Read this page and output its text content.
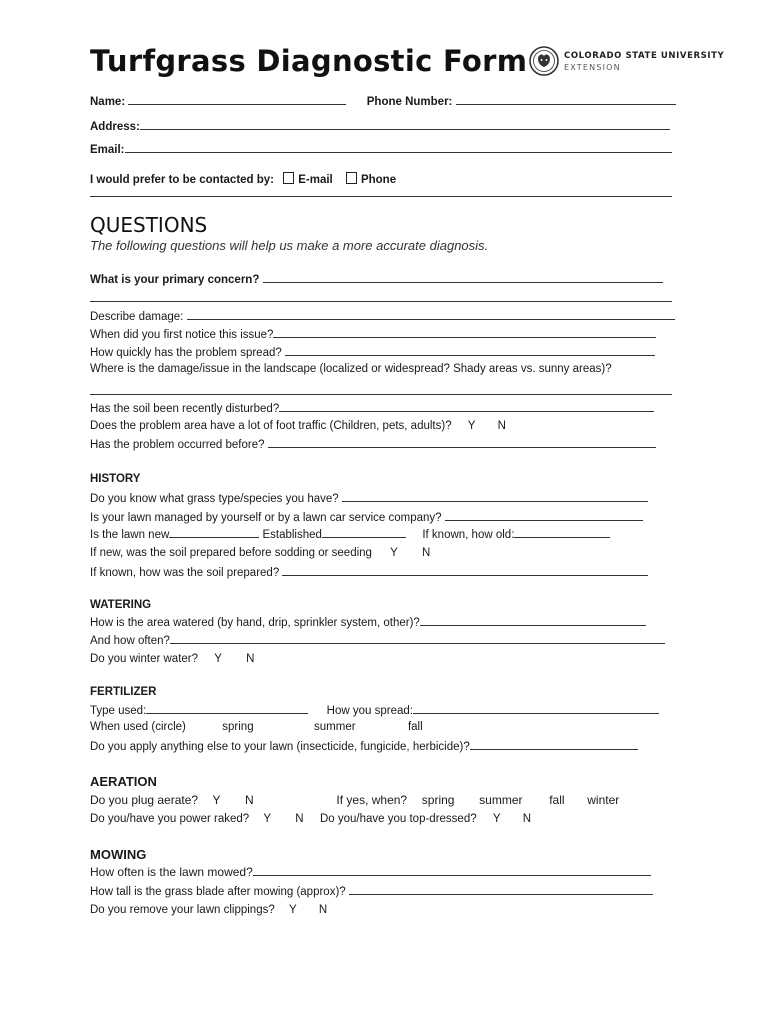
Turfgrass Diagnostic Form	COLORADO STATE UNIVERSITY
EXTENSION
Name:	Phone Number:
Address:
Email:
I would prefer to be contacted by: E-mail Phone
QUESTIONS
The following questions will help us make a more accurate diagnosis.
What is your primary concern?
Describe damage:
When did you first notice this issue?
How quickly has the problem spread?
Where is the damage/issue in the landscape (localized or widespread? Shady areas vs. sunny areas)?
Has the soil been recently disturbed?
Does the problem area have a lot of foot traffic (Children, pets, adults)? Y N
Has the problem occurred before?
HISTORY
Do you know what grass type/species you have?
Is your lawn managed by yourself or by a lawn car service company?
Is the lawn new	Established	If known, how old:
If new, was the soil prepared before sodding or seeding Y N
If known, how was the soil prepared?
WATERING
How is the area watered (by hand, drip, sprinkler system, other)?
And how often?
Do you winter water? Y N
FERTILIZER
Type used:	How you spread:
When used (circle)	spring	summer	fall
Do you apply anything else to your lawn (insecticide, fungicide, herbicide)?
AERATION
Do you plug aerate? Y N	If yes, when? spring summer fall winter
Do you/have you power raked? Y N Do you/have you top-dressed? Y N
MOWING
How often is the lawn mowed?
How tall is the grass blade after mowing (approx)?
Do you remove your lawn clippings? Y N
